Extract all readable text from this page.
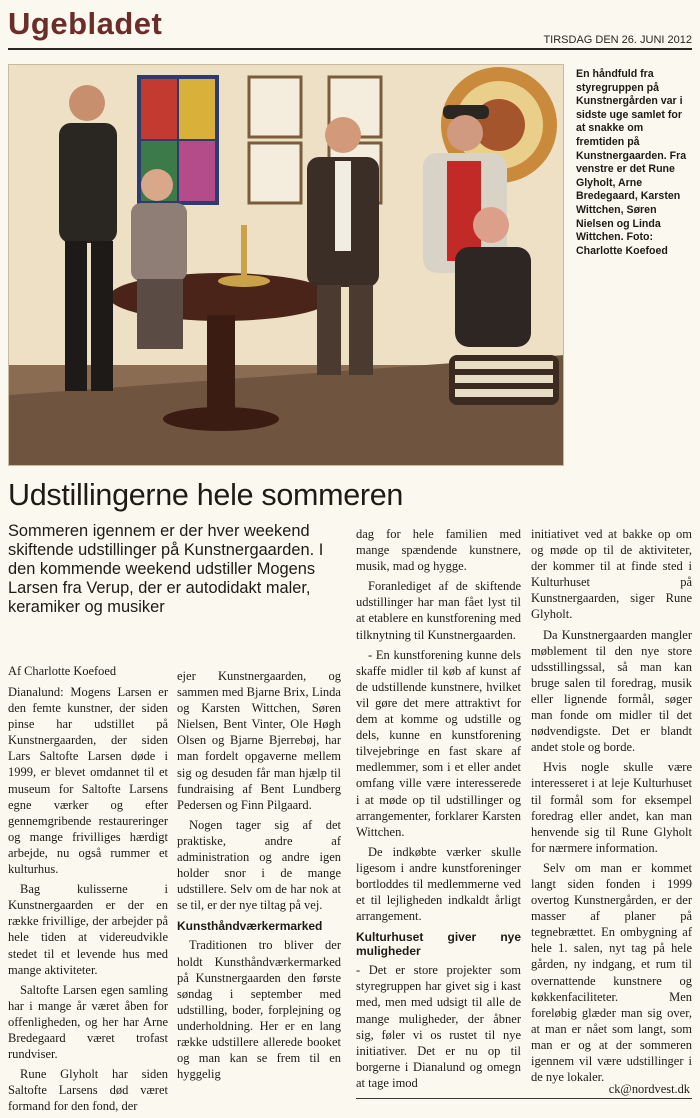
Ugebladet	TIRSDAG DEN 26. JUNI 2012
En håndfuld fra styregruppen på Kunstnergården var i sidste uge samlet for at snakke om fremtiden på Kunstnergaarden. Fra venstre er det Rune Glyholt, Arne Bredegaard, Karsten Wittchen, Søren Nielsen og Linda Wittchen. Foto: Charlotte Koefoed
Udstillingerne hele sommeren
Sommeren igennem er der hver weekend skiftende udstillinger på Kunstnergaarden. I den kommende weekend udstiller Mogens Larsen fra Verup, der er autodidakt maler, keramiker og musiker
Af Charlotte Koefoed

Dianalund: Mogens Larsen er den femte kunstner, der siden pinse har udstillet på Kunstnergaarden, der siden Lars Saltofte Larsen døde i 1999, er blevet omdannet til et museum for Saltofte Larsens egne værker og efter gennemgribende restaureringer og mange frivilliges hærdigt arbejde, nu også rummer et kulturhus.

Bag kulisserne i Kunstnergaarden er der en række frivillige, der arbejder på hele tiden at videreudvikle stedet til et levende hus med mange aktiviteter.

Saltofte Larsen egen samling har i mange år været åben for offenligheden, og her har Arne Bredegaard været trofast rundviser.

Rune Glyholt har siden Saltofte Larsens død været formand for den fond, der

ejer Kunstnergaarden, og sammen med Bjarne Brix, Linda og Karsten Wittchen, Søren Nielsen, Bent Vinter, Ole Høgh Olsen og Bjarne Bjerrebøj, har man fordelt opgaverne mellem sig og desuden får man hjælp til fundraising af Bent Lundberg Pedersen og Finn Pilgaard.

Nogen tager sig af det praktiske, andre af administration og andre igen holder snor i de mange udstillere. Selv om de har nok at se til, er der nye tiltag på vej.

Kunsthåndværkermarked

Traditionen tro bliver der holdt Kunsthåndværkermarked på Kunstnergaarden den første søndag i september med udstilling, boder, forplejning og underholdning. Her er en lang række udstillere allerede booket og man kan se frem til en hyggelig

dag for hele familien med mange spændende kunstnere, musik, mad og hygge.

Foranlediget af de skiftende udstillinger har man fået lyst til at etablere en kunstforening med tilknytning til Kunstnergaarden.

- En kunstforening kunne dels skaffe midler til køb af kunst af de udstillende kunstnere, hvilket vil gøre det mere attraktivt for dem at komme og udstille og dels, kunne en kunstforening tilvejebringe en fast skare af medlemmer, som i et eller andet omfang ville være interesserede i at møde op til udstillinger og arrangementer, forklarer Karsten Wittchen.

De indkøbte værker skulle ligesom i andre kunstforeninger bortloddes til medlemmerne ved et til lejligheden indkaldt årligt arrangement.

Kulturhuset giver nye muligheder

- Det er store projekter som styregruppen har givet sig i kast med, men med udsigt til alle de mange muligheder, der åbner sig, føler vi os rustet til nye initiativer. Det er nu op til borgerne i Dianalund og omegn at tage imod

initiativet ved at bakke op om og møde op til de aktiviteter, der kommer til at finde sted i Kulturhuset på Kunstnergaarden, siger Rune Glyholt.

Da Kunstnergaarden mangler møblement til den nye store udsstillingssal, så man kan bruge salen til foredrag, musik eller lignende formål, søger man fonde om midler til det nødvendigste. Det er blandt andet stole og borde.

Hvis nogle skulle være interesseret i at leje Kulturhuset til formål som for eksempel foredrag eller andet, kan man henvende sig til Rune Glyholt for nærmere information.

Selv om man er kommet langt siden fonden i 1999 overtog Kunstnergården, er der masser af planer på tegnebrættet. En ombygning af hele 1. salen, nyt tag på hele gården, ny indgang, et rum til overnattende kunstnere og køkkenfaciliteter. Men foreløbig glæder man sig over, at man er nået som langt, som man er og at der sommeren igennem vil være udstillinger i de nye lokaler.

ck@nordvest.dk
